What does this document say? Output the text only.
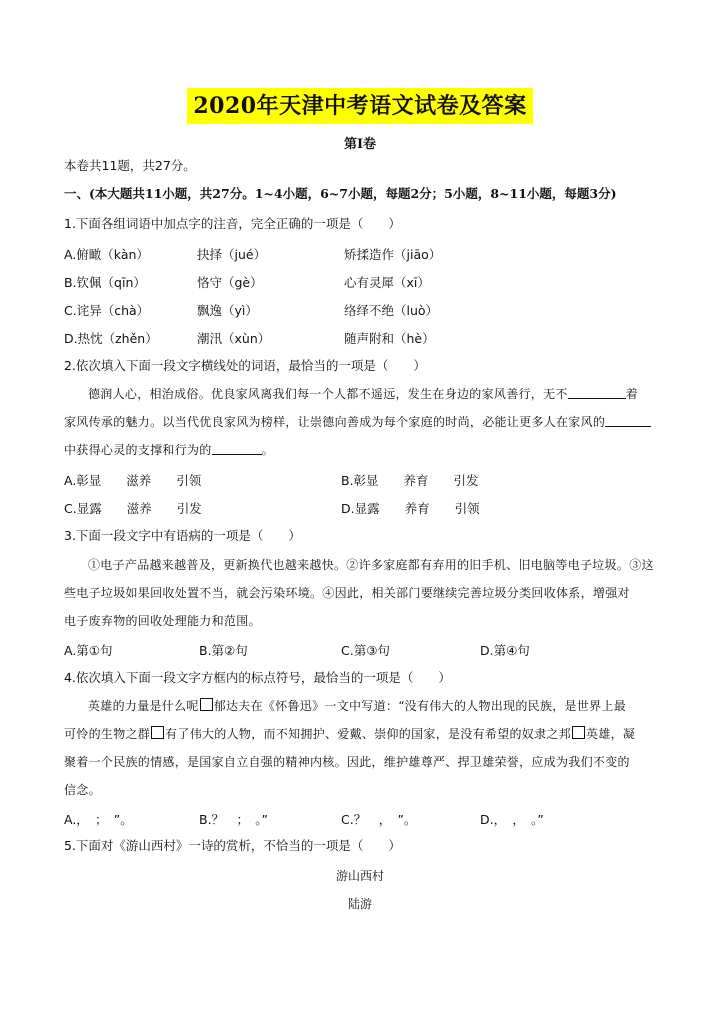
2020年天津中考语文试卷及答案
第Ⅰ卷
本卷共11题，共27分。
一、(本大题共11小题，共27分。1~4小题，6~7小题，每题2分；5小题，8~11小题，每题3分)
1.下面各组词语中加点字的注音，完全正确的一项是（　　）
A.俯瞰（kàn）	抉择（jué）	矫揉造作（jiāo）
B.钦佩（qīn）	恪守（gè）	心有灵犀（xī）
C.诧异（chà）	飘逸（yì）	络绎不绝（luò）
D.热忱（zhěn）	潮汛（xùn）	随声附和（hè）
2.依次填入下面一段文字横线处的词语，最恰当的一项是（　　）
德润人心，相治成俗。优良家风离我们每一个人都不遥远，发生在身边的家风善行，无不	着
家风传承的魅力。以当代优良家风为榜样，让崇德向善成为每个家庭的时尚，必能让更多人在家风的
中获得心灵的支撑和行为的	。
A.彰显　　滋养　　引领	B.彰显　　养育　　引发
C.显露　　滋养　　引发	D.显露　　养育　　引领
3.下面一段文字中有语病的一项是（　　）
①电子产品越来越普及，更新换代也越来越快。②许多家庭都有弃用的旧手机、旧电脑等电子垃圾。③这
些电子垃圾如果回收处置不当，就会污染环境。④因此，相关部门要继续完善垃圾分类回收体系，增强对
电子废弃物的回收处理能力和范围。
A.第①句	B.第②句	C.第③句	D.第④句
4.依次填入下面一段文字方框内的标点符号，最恰当的一项是（　　）
英雄的力量是什么呢 郁达夫在《怀鲁迅》一文中写道：“没有伟大的人物出现的民族，是世界上最
可怜的生物之群 有了伟大的人物，而不知拥护、爱戴、崇仰的国家，是没有希望的奴隶之邦 英雄，凝
聚着一个民族的情感，是国家自立自强的精神内核。因此，维护雄尊严、捍卫雄荣誉，应成为我们不变的
信念。
A.，　；　”。	B.？　；　。”	C.？　，　”。	D.，　，　。”
5.下面对《游山西村》一诗的赏析，不恰当的一项是（　　）
游山西村
陆游
